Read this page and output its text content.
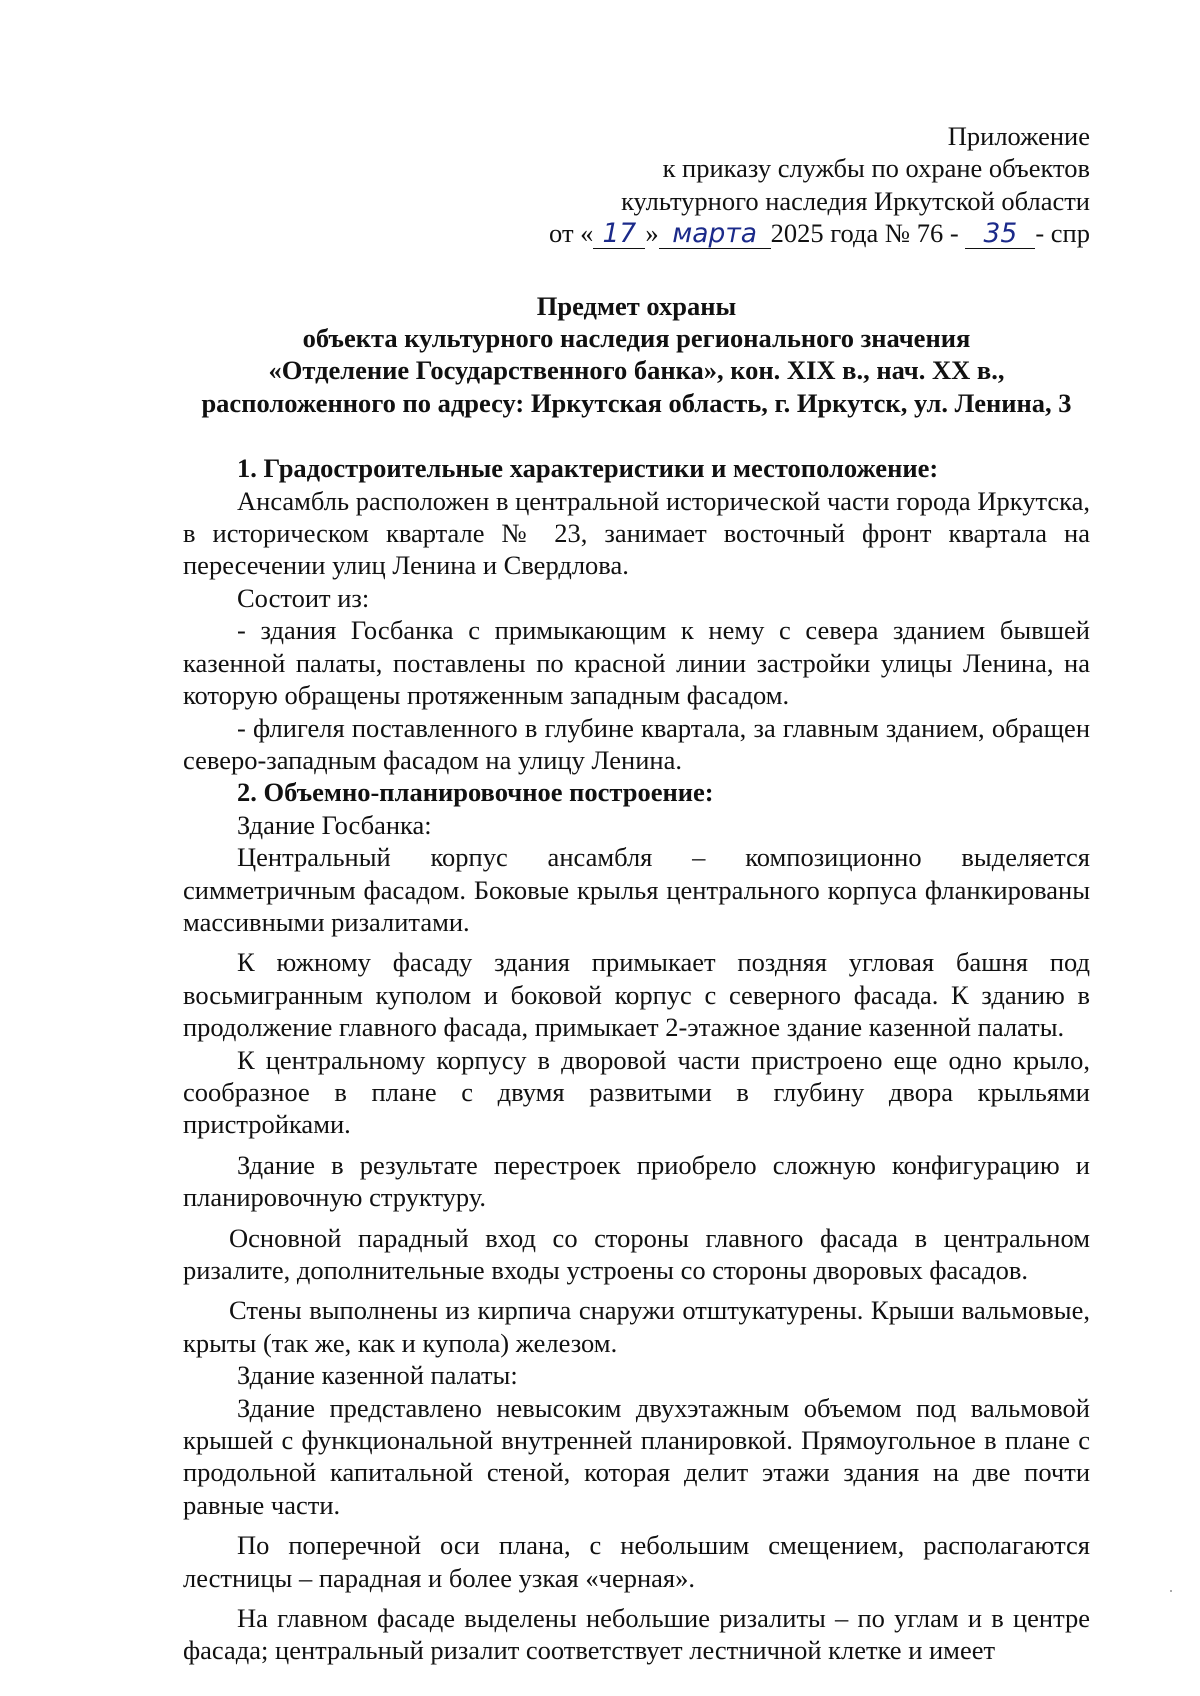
Приложение
к приказу службы по охране объектов
культурного наследия Иркутской области
от « 17 » марта 2025 года № 76 - 35 - спр
Предмет охраны
объекта культурного наследия регионального значения
«Отделение Государственного банка», кон. XIX в., нач. XX в.,
расположенного по адресу: Иркутская область, г. Иркутск, ул. Ленина, 3

1. Градостроительные характеристики и местоположение:

Ансамбль расположен в центральной исторической части города Иркутска, в историческом квартале № 23, занимает восточный фронт квартала на пересечении улиц Ленина и Свердлова.

Состоит из:

- здания Госбанка с примыкающим к нему с севера зданием бывшей казенной палаты, поставлены по красной линии застройки улицы Ленина, на которую обращены протяженным западным фасадом.

- флигеля поставленного в глубине квартала, за главным зданием, обращен северо-западным фасадом на улицу Ленина.

2. Объемно-планировочное построение:

Здание Госбанка:

Центральный корпус ансамбля – композиционно выделяется симметричным фасадом. Боковые крылья центрального корпуса фланкированы массивными ризалитами.

К южному фасаду здания примыкает поздняя угловая башня под восьмигранным куполом и боковой корпус с северного фасада. К зданию в продолжение главного фасада, примыкает 2-этажное здание казенной палаты.

К центральному корпусу в дворовой части пристроено еще одно крыло, сообразное в плане с двумя развитыми в глубину двора крыльями пристройками.

Здание в результате перестроек приобрело сложную конфигурацию и планировочную структуру.

Основной парадный вход со стороны главного фасада в центральном ризалите, дополнительные входы устроены со стороны дворовых фасадов.

Стены выполнены из кирпича снаружи отштукатурены. Крыши вальмовые, крыты (так же, как и купола) железом.

Здание казенной палаты:

Здание представлено невысоким двухэтажным объемом под вальмовой крышей с функциональной внутренней планировкой. Прямоугольное в плане с продольной капитальной стеной, которая делит этажи здания на две почти равные части.

По поперечной оси плана, с небольшим смещением, располагаются лестницы – парадная и более узкая «черная».

На главном фасаде выделены небольшие ризалиты – по углам и в центре фасада; центральный ризалит соответствует лестничной клетке и имеет
